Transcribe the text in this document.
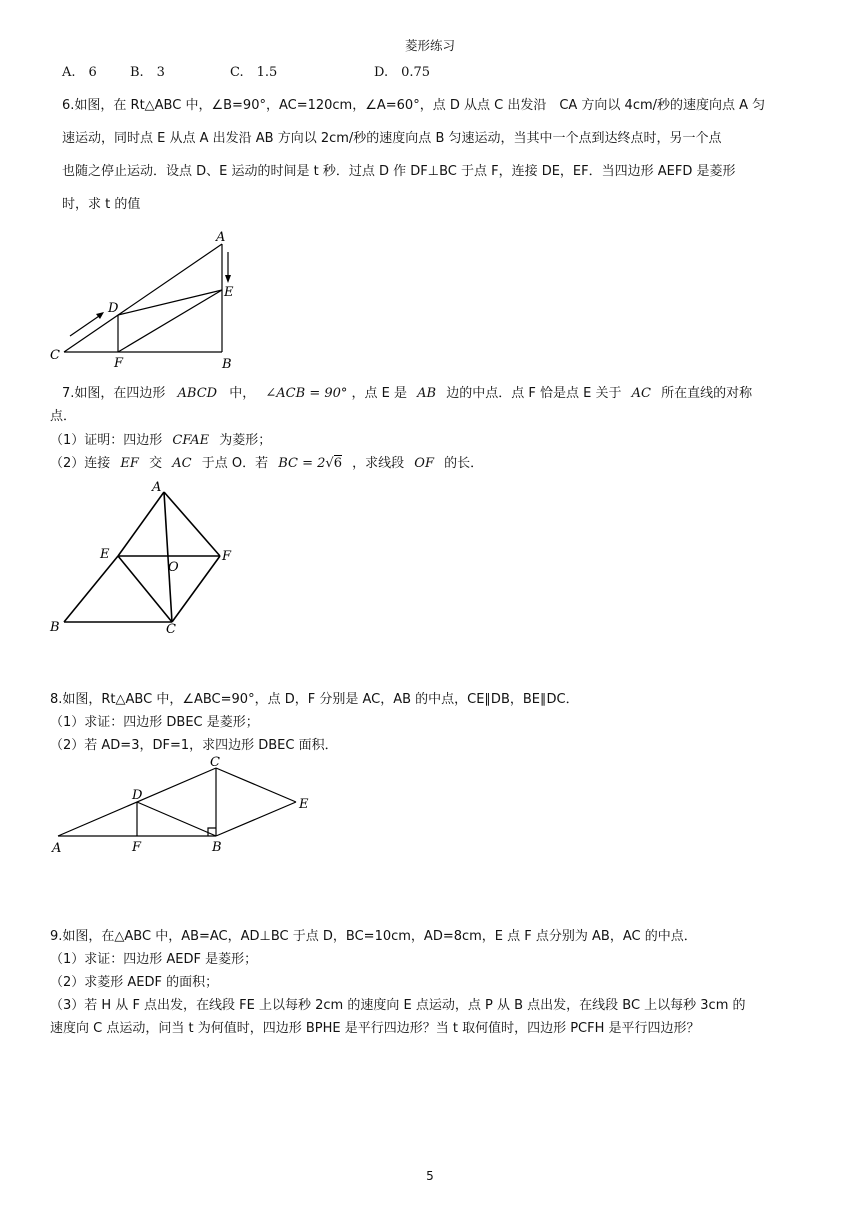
菱形练习
A.　6	B.　3	C.　1.5	D.　0.75
6.如图，在 Rt△ABC 中，∠B=90°，AC=120cm，∠A=60°，点 D 从点 C 出发沿　CA 方向以 4cm/秒的速度向点 A 匀
速运动，同时点 E 从点 A 出发沿 AB 方向以 2cm/秒的速度向点 B 匀速运动，当其中一个点到达终点时，另一个点
也随之停止运动．设点 D、E 运动的时间是 t 秒．过点 D 作 DF⊥BC 于点 F，连接 DE，EF．当四边形 AEFD 是菱形
时，求 t 的值
A
B
C
D
E
F
7.如图，在四边形 ABCD 中， ∠ACB = 90° ，点 E 是 AB 边的中点．点 F 恰是点 E 关于 AC 所在直线的对称
点．
（1）证明：四边形 CFAE 为菱形；
（2）连接 EF 交 AC 于点 O．若 BC = 2√6 ，求线段 OF 的长．
A
B	C
E	F
O
8.如图，Rt△ABC 中，∠ABC=90°，点 D，F 分别是 AC，AB 的中点，CE∥DB，BE∥DC．
（1）求证：四边形 DBEC 是菱形；
（2）若 AD=3，DF=1，求四边形 DBEC 面积．
A	B
C
D
E
F
9.如图，在△ABC 中，AB=AC，AD⊥BC 于点 D，BC=10cm，AD=8cm，E 点 F 点分别为 AB，AC 的中点．
（1）求证：四边形 AEDF 是菱形；
（2）求菱形 AEDF 的面积；
（3）若 H 从 F 点出发，在线段 FE 上以每秒 2cm 的速度向 E 点运动，点 P 从 B 点出发，在线段 BC 上以每秒 3cm 的
速度向 C 点运动，问当 t 为何值时，四边形 BPHE 是平行四边形？当 t 取何值时，四边形 PCFH 是平行四边形？
5
